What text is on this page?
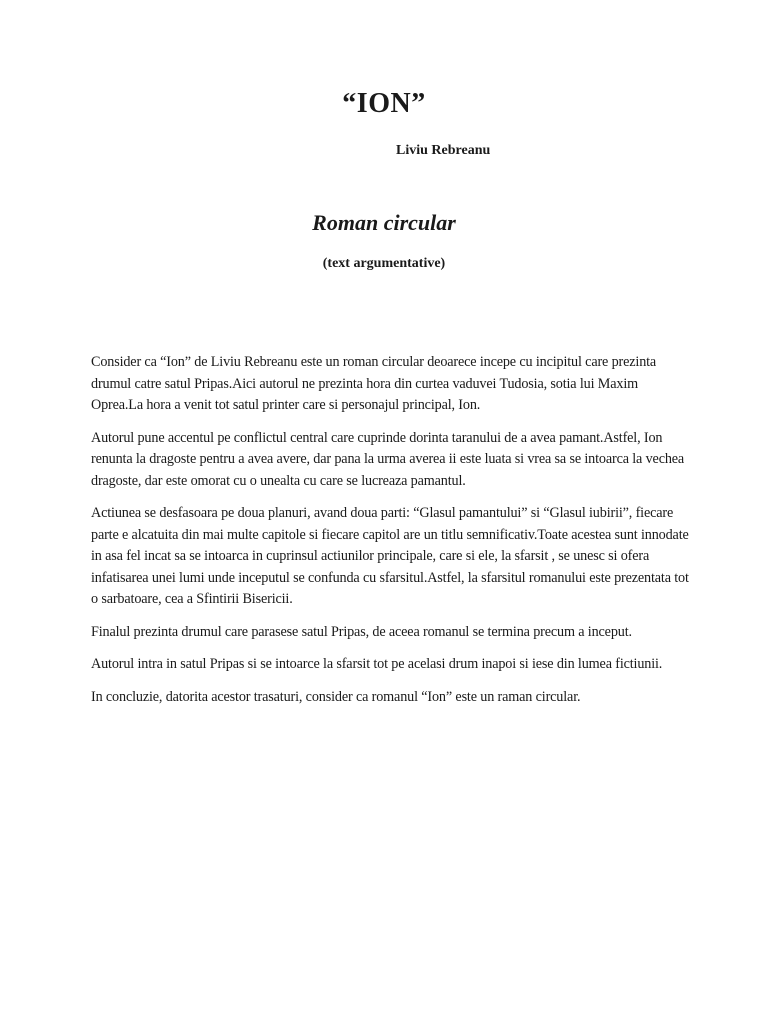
“ION”
Liviu Rebreanu
Roman circular
(text argumentative)

Consider ca “Ion” de Liviu Rebreanu este un roman circular deoarece incepe cu incipitul care prezinta drumul catre satul Pripas.Aici autorul ne prezinta hora din curtea vaduvei Tudosia, sotia lui Maxim Oprea.La hora a venit tot satul printer care si personajul principal, Ion.

Autorul pune accentul pe conflictul central care cuprinde dorinta taranului de a avea pamant.Astfel, Ion renunta la dragoste pentru a avea avere, dar pana la urma averea ii este luata si vrea sa se intoarca la vechea dragoste, dar este omorat cu o unealta cu care se lucreaza pamantul.

Actiunea se desfasoara pe doua planuri, avand doua parti: “Glasul pamantului” si “Glasul iubirii”, fiecare parte e alcatuita din mai multe capitole si fiecare capitol are un titlu semnificativ.Toate acestea sunt innodate in asa fel incat sa se intoarca in cuprinsul actiunilor principale, care si ele, la sfarsit , se unesc si ofera infatisarea unei lumi unde inceputul se confunda cu sfarsitul.Astfel, la sfarsitul romanului este prezentata tot o sarbatoare, cea a Sfintirii Bisericii.

Finalul prezinta drumul care parasese satul Pripas, de aceea romanul se termina precum a inceput.

Autorul intra in satul Pripas si se intoarce la sfarsit tot pe acelasi drum inapoi si iese din lumea fictiunii.

In concluzie, datorita acestor trasaturi, consider ca romanul “Ion” este un raman circular.
